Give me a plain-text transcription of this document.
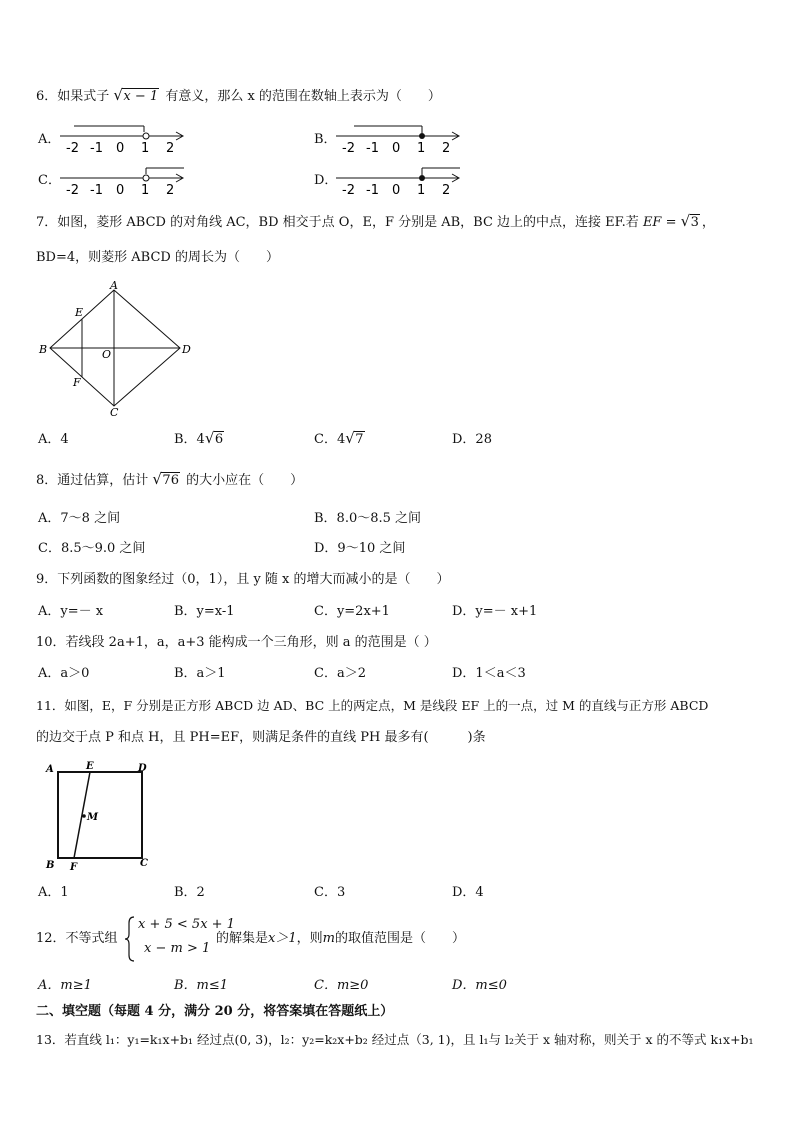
6．如果式子 √ x − 1 有意义，那么 x 的范围在数轴上表示为（　　）
A．
-2 -1 0 1 2
B．
-2 -1 0 1 2
C．
-2 -1 0 1 2
D．
-2 -1 0 1 2
7．如图，菱形 ABCD 的对角线 AC，BD 相交于点 O，E，F 分别是 AB，BC 边上的中点，连接 EF.若 EF = √ 3 ，
BD=4，则菱形 ABCD 的周长为（　　）
A
B
C
D
E
F
O
A．4	B．4 √ 6	C．4 √ 7	D．28
8．通过估算，估计 √ 76 的大小应在（　　）
A．7～8 之间	B．8.0～8.5 之间
C．8.5～9.0 之间	D．9～10 之间
9．下列函数的图象经过（0，1），且 y 随 x 的增大而减小的是（　　）
A．y=－ x	B．y=x-1	C．y=2x+1	D．y=－ x+1
10．若线段 2a+1，a，a+3 能构成一个三角形，则 a 的范围是（ ）
A．a＞0	B．a＞1	C．a＞2	D．1＜a＜3
11．如图，E，F 分别是正方形 ABCD 边 AD、BC 上的两定点，M 是线段 EF 上的一点，过 M 的直线与正方形 ABCD
的边交于点 P 和点 H，且 PH=EF，则满足条件的直线 PH 最多有(　　　)条
A	E	D
M
B F	C
A．1	B．2	C．3	D．4
12．不等式组
x + 5 < 5x + 1
x − m > 1
的解集是x＞1，则m的取值范围是（　　）
A．m≥1	B．m≤1	C．m≥0	D．m≤0
二、填空题（每题 4 分，满分 20 分，将答案填在答题纸上）
13．若直线 l₁：y₁=k₁x+b₁ 经过点(0, 3)，l₂：y₂=k₂x+b₂ 经过点（3, 1)，且 l₁与 l₂关于 x 轴对称，则关于 x 的不等式 k₁x+b₁
